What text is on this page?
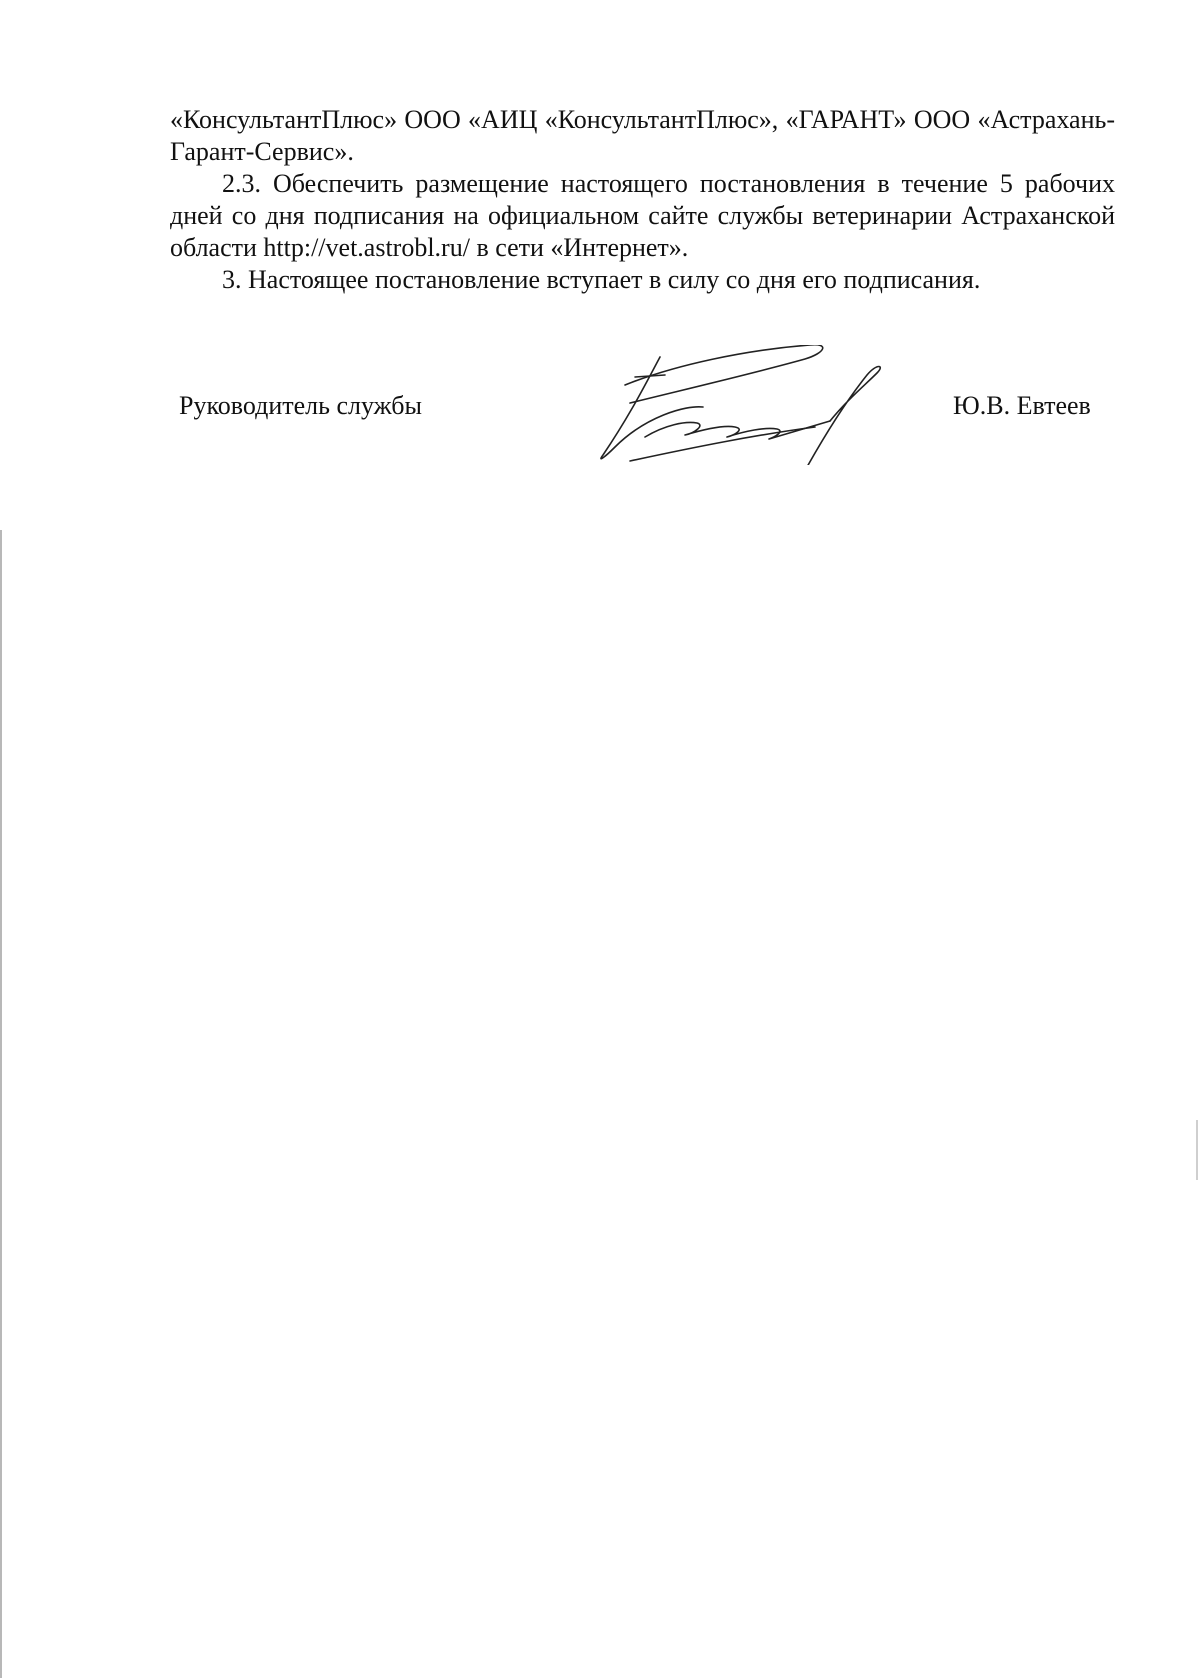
«КонсультантПлюс» ООО «АИЦ «КонсультантПлюс», «ГАРАНТ» ООО «Астрахань-Гарант-Сервис».

2.3. Обеспечить размещение настоящего постановления в течение 5 рабочих дней со дня подписания на официальном сайте службы ветеринарии Астраханской области http://vet.astrobl.ru/ в сети «Интернет».

3. Настоящее постановление вступает в силу со дня его подписания.

Руководитель службы	Ю.В. Евтеев
